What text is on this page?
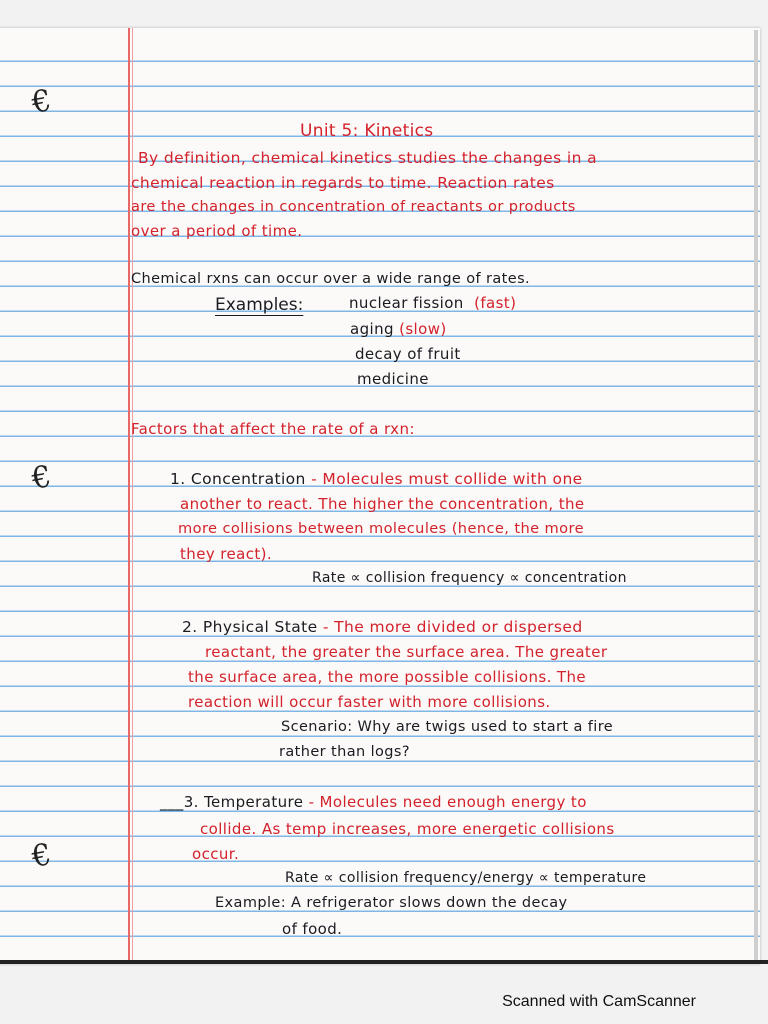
€
€
€
Unit 5: Kinetics
By definition, chemical kinetics studies the changes in a
chemical reaction in regards to time. Reaction rates
are the changes in concentration of reactants or products
over a period of time.
Chemical rxns can occur over a wide range of rates.
Examples:	nuclear fission (fast)
aging (slow)
decay of fruit
medicine
Factors that affect the rate of a rxn:
1. Concentration - Molecules must collide with one
another to react. The higher the concentration, the
more collisions between molecules (hence, the more
they react).
Rate ∝ collision frequency ∝ concentration
2. Physical State - The more divided or dispersed
reactant, the greater the surface area. The greater
the surface area, the more possible collisions. The
reaction will occur faster with more collisions.
Scenario: Why are twigs used to start a fire
rather than logs?
___3. Temperature - Molecules need enough energy to
collide. As temp increases, more energetic collisions
occur.
Rate ∝ collision frequency/energy ∝ temperature
Example: A refrigerator slows down the decay
of food.
Scanned with CamScanner
